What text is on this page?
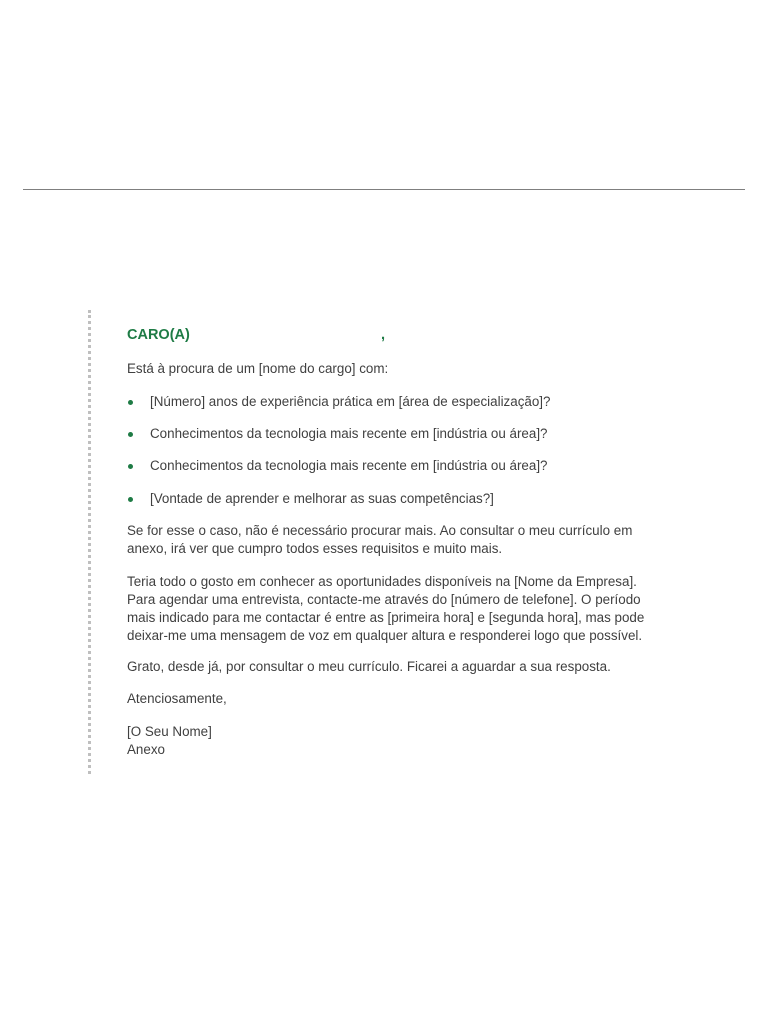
CARO(A)	,

Está à procura de um [nome do cargo] com:

[Número] anos de experiência prática em [área de especialização]?
Conhecimentos da tecnologia mais recente em [indústria ou área]?
Conhecimentos da tecnologia mais recente em [indústria ou área]?
[Vontade de aprender e melhorar as suas competências?]
Se for esse o caso, não é necessário procurar mais. Ao consultar o meu currículo em
anexo, irá ver que cumpro todos esses requisitos e muito mais.
Teria todo o gosto em conhecer as oportunidades disponíveis na [Nome da Empresa].
Para agendar uma entrevista, contacte-me através do [número de telefone]. O período
mais indicado para me contactar é entre as [primeira hora] e [segunda hora], mas pode
deixar-me uma mensagem de voz em qualquer altura e responderei logo que possível.

Grato, desde já, por consultar o meu currículo. Ficarei a aguardar a sua resposta.

Atenciosamente,

[O Seu Nome]

Anexo
